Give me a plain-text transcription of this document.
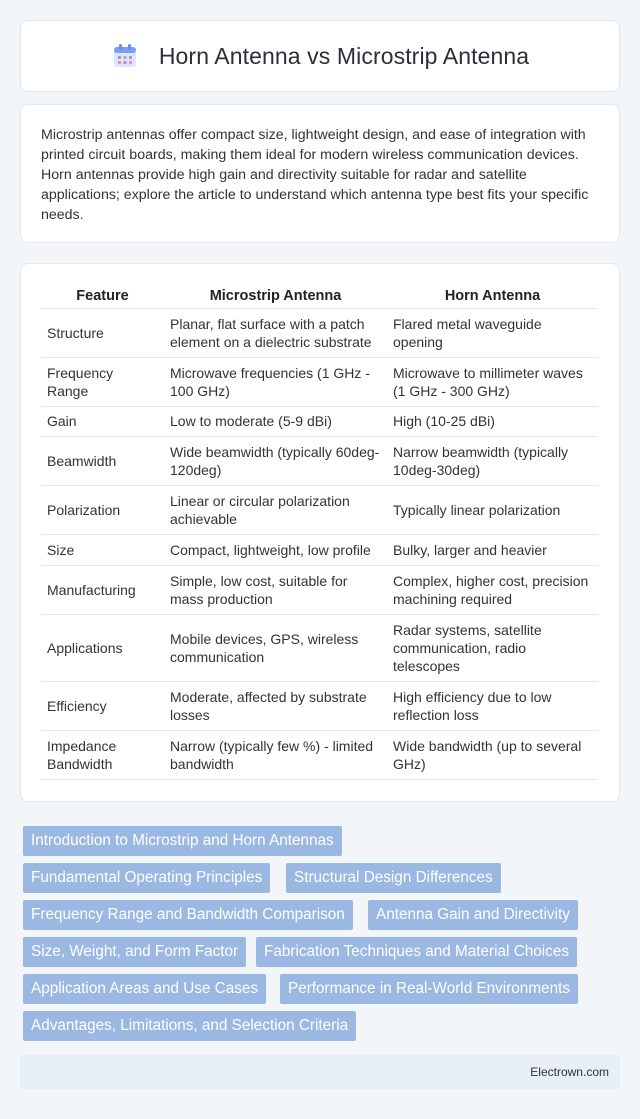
Horn Antenna vs Microstrip Antenna

Microstrip antennas offer compact size, lightweight design, and ease of integration with printed circuit boards, making them ideal for modern wireless communication devices. Horn antennas provide high gain and directivity suitable for radar and satellite applications; explore the article to understand which antenna type best fits your specific needs.

Feature	Microstrip Antenna	Horn Antenna
Structure	Planar, flat surface with a patch element on a dielectric substrate	Flared metal waveguide opening
Frequency Range	Microwave frequencies (1 GHz - 100 GHz)	Microwave to millimeter waves (1 GHz - 300 GHz)
Gain	Low to moderate (5-9 dBi)	High (10-25 dBi)
Beamwidth	Wide beamwidth (typically 60deg-120deg)	Narrow beamwidth (typically 10deg-30deg)
Polarization	Linear or circular polarization achievable	Typically linear polarization
Size	Compact, lightweight, low profile	Bulky, larger and heavier
Manufacturing	Simple, low cost, suitable for mass production	Complex, higher cost, precision machining required
Applications	Mobile devices, GPS, wireless communication	Radar systems, satellite communication, radio telescopes
Efficiency	Moderate, affected by substrate losses	High efficiency due to low reflection loss
Impedance Bandwidth	Narrow (typically few %) - limited bandwidth	Wide bandwidth (up to several GHz)
Introduction to Microstrip and Horn Antennas
Fundamental Operating Principles	Structural Design Differences
Frequency Range and Bandwidth Comparison	Antenna Gain and Directivity
Size, Weight, and Form Factor	Fabrication Techniques and Material Choices
Application Areas and Use Cases	Performance in Real-World Environments
Advantages, Limitations, and Selection Criteria
Electrown.com
